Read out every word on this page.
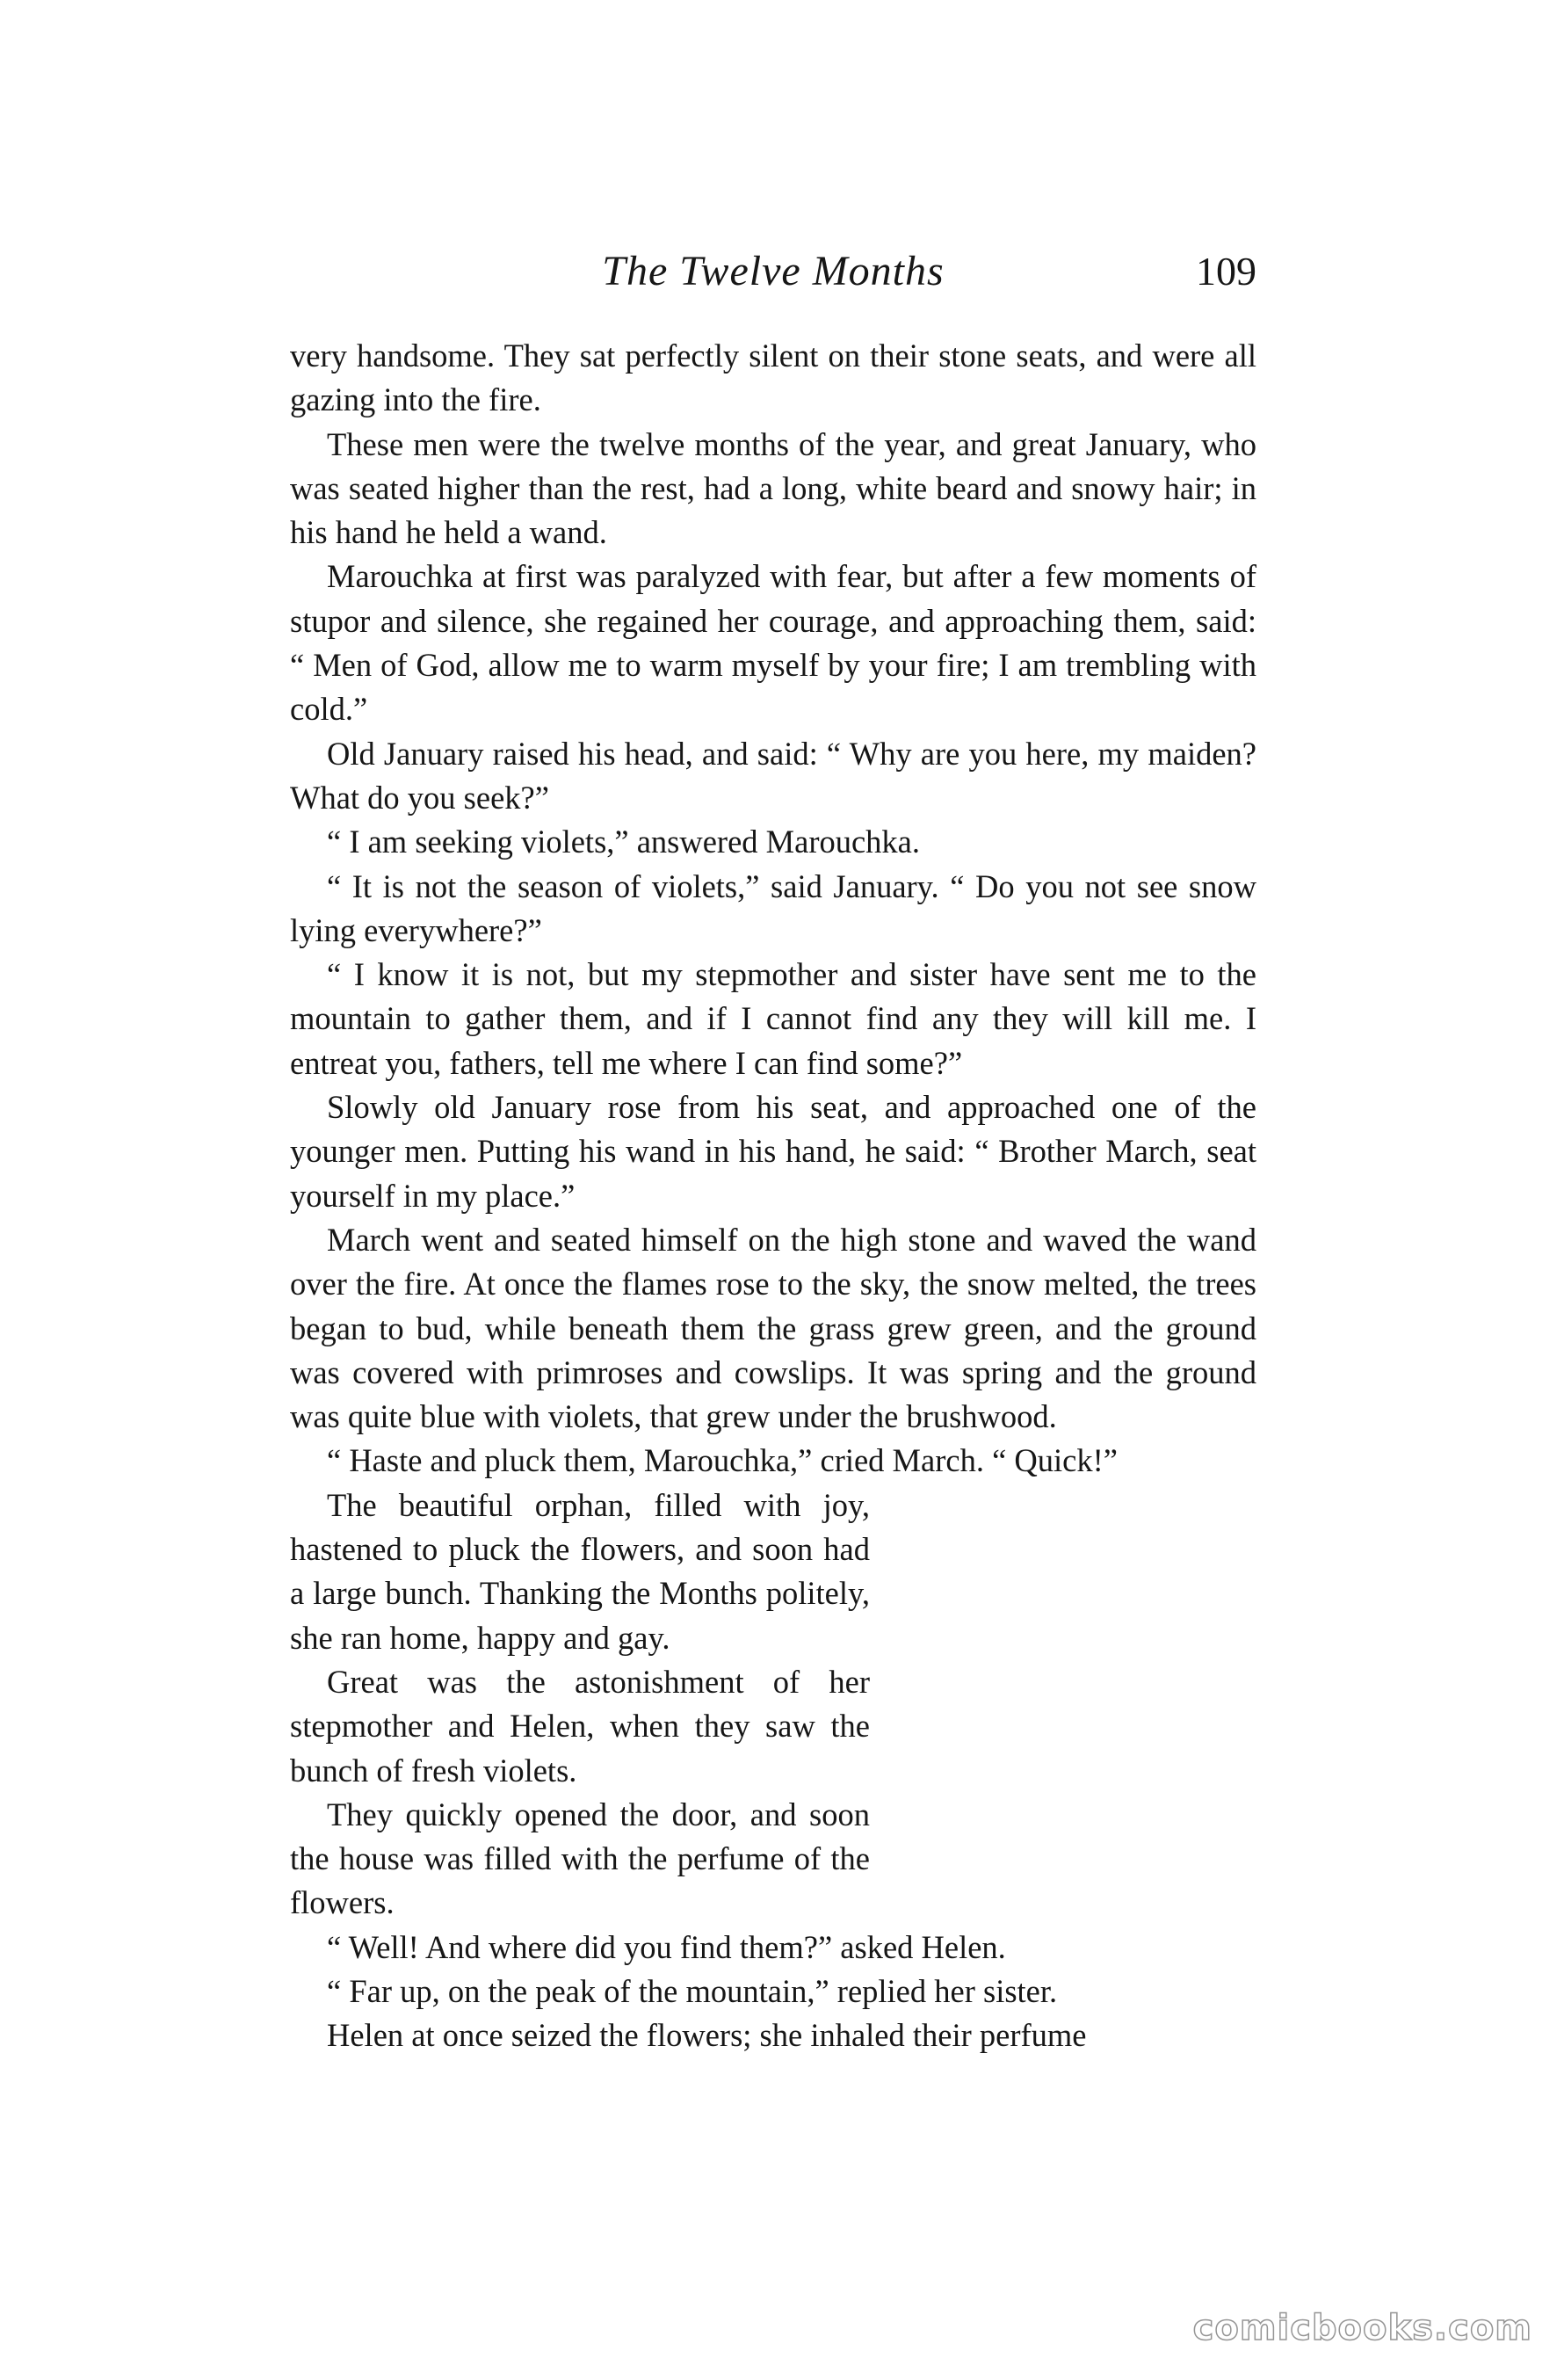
The Twelve Months	109

very handsome. They sat perfectly silent on their stone seats, and were all gazing into the fire.

These men were the twelve months of the year, and great January, who was seated higher than the rest, had a long, white beard and snowy hair; in his hand he held a wand.

Marouchka at first was paralyzed with fear, but after a few moments of stupor and silence, she regained her courage, and approaching them, said: “ Men of God, allow me to warm myself by your fire; I am trembling with cold.”

Old January raised his head, and said: “ Why are you here, my maiden? What do you seek?”

“ I am seeking violets,” answered Marouchka.

“ It is not the season of violets,” said January. “ Do you not see snow lying everywhere?”

“ I know it is not, but my stepmother and sister have sent me to the mountain to gather them, and if I cannot find any they will kill me. I entreat you, fathers, tell me where I can find some?”

Slowly old January rose from his seat, and approached one of the younger men. Putting his wand in his hand, he said: “ Brother March, seat yourself in my place.”

March went and seated himself on the high stone and waved the wand over the fire. At once the flames rose to the sky, the snow melted, the trees began to bud, while beneath them the grass grew green, and the ground was covered with primroses and cowslips. It was spring and the ground was quite blue with violets, that grew under the brushwood.

“ Haste and pluck them, Marouchka,” cried March. “ Quick!”

The beautiful orphan, filled with joy, hastened to pluck the flowers, and soon had a large bunch. Thanking the Months politely, she ran home, happy and gay.

Great was the astonishment of her stepmother and Helen, when they saw the bunch of fresh violets.

They quickly opened the door, and soon the house was filled with the perfume of the flowers.

“ Well! And where did you find them?” asked Helen.

“ Far up, on the peak of the mountain,” replied her sister.

Helen at once seized the flowers; she inhaled their perfume

comicbooks.com
